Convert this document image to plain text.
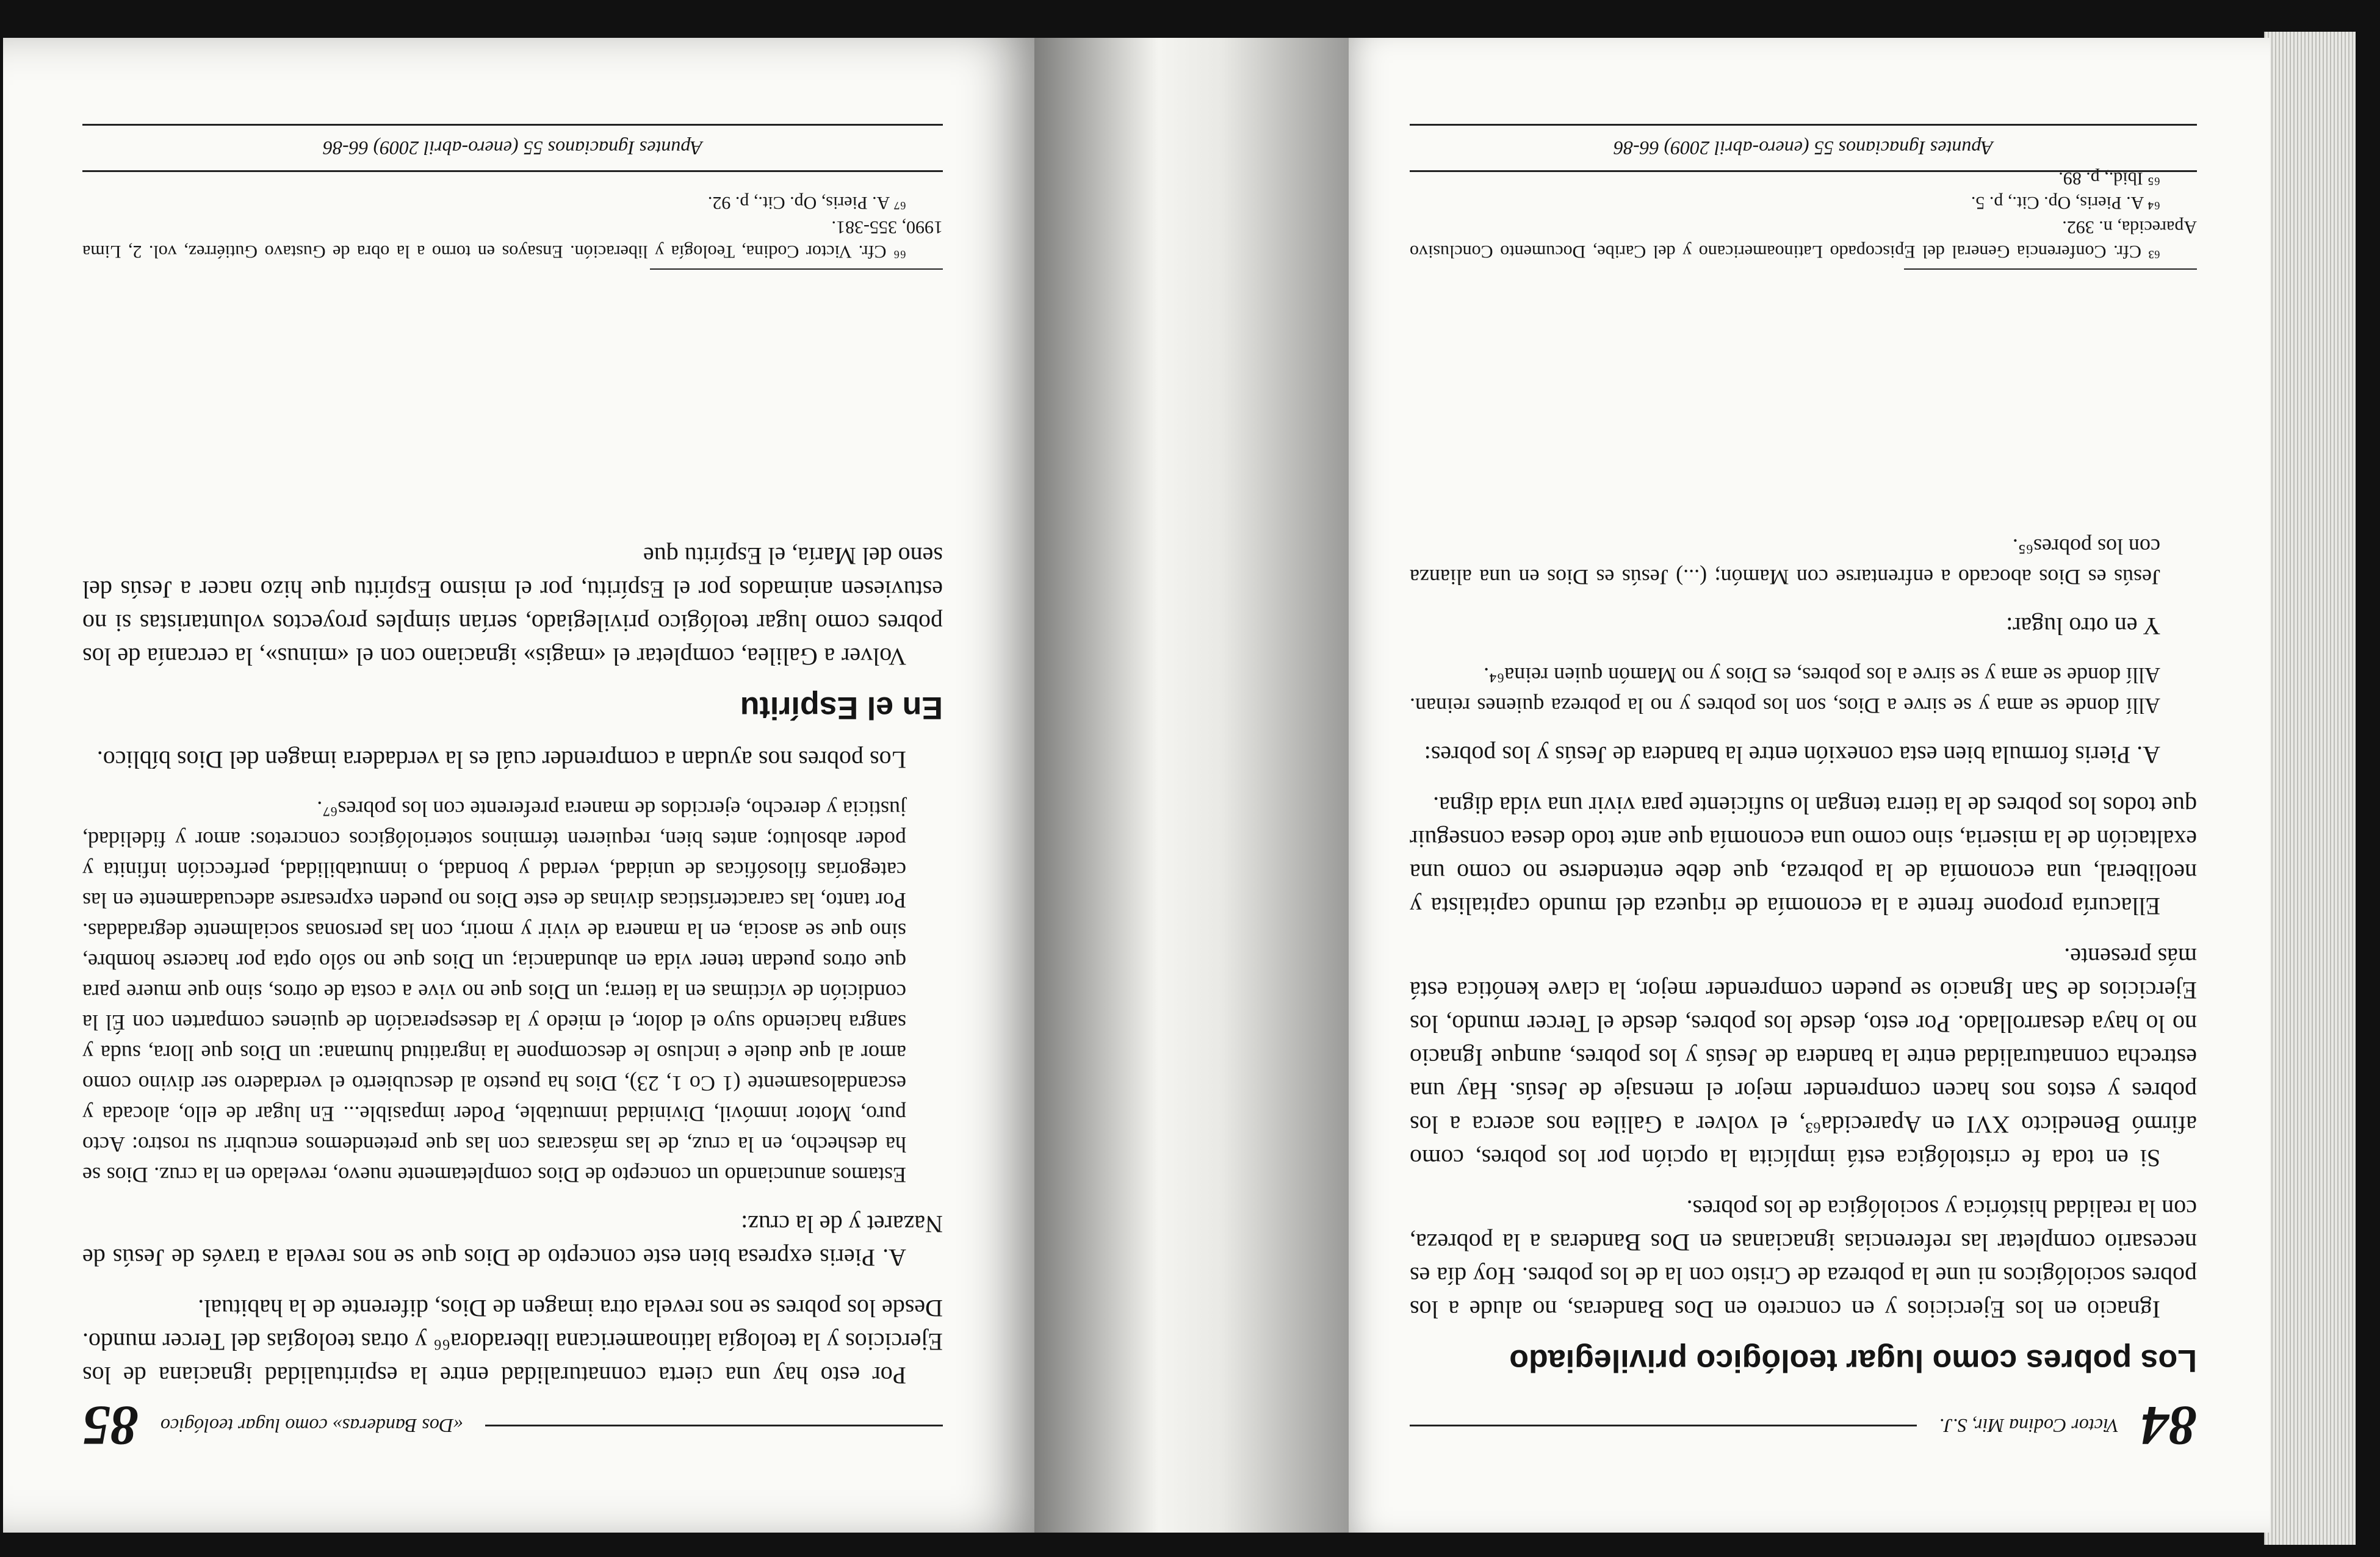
84
Victor Codina Mir, S.J.
Los pobres como lugar teológico privilegiado

Ignacio en los Ejercicios y en concreto en Dos Banderas, no alude a los pobres sociológicos ni une la pobreza de Cristo con la de los pobres. Hoy día es necesario completar las referencias ignacianas en Dos Banderas a la pobreza, con la realidad histórica y sociológica de los pobres.

Si en toda fe cristológica está implícita la opción por los pobres, como afirmó Benedicto XVI en Aparecida⁶³, el volver a Galilea nos acerca a los pobres y estos nos hacen comprender mejor el mensaje de Jesús. Hay una estrecha connaturalidad entre la bandera de Jesús y los pobres, aunque Ignacio no lo haya desarrollado. Por esto, desde los pobres, desde el Tercer mundo, los Ejercicios de San Ignacio se pueden comprender mejor, la clave kenótica está más presente.

Ellacuría propone frente a la economía de riqueza del mundo capitalista y neoliberal, una economía de la pobreza, que debe entenderse no como una exaltación de la miseria, sino como una economía que ante todo desea conseguir que todos los pobres de la tierra tengan lo suficiente para vivir una vida digna.

A. Pieris formula bien esta conexión entre la bandera de Jesús y los pobres:

Allí donde se ama y se sirve a Dios, son los pobres y no la pobreza quienes reinan. Allí donde se ama y se sirve a los pobres, es Dios y no Mamón quien reina⁶⁴.

Y en otro lugar:

Jesús es Dios abocado a enfrentarse con Mamón; (...) Jesús es Dios en una alianza con los pobres⁶⁵.

⁶³ Cfr. Conferencia General del Episcopado Latinoamericano y del Caribe, Documento Conclusivo Aparecida, n. 392.

⁶⁴ A. Pieris, Op. Cit., p. 5.

⁶⁵ Ibid., p. 89.

Apuntes Ignacianos 55 (enero-abril 2009) 66-86
«Dos Banderas» como lugar teológico
85

Por esto hay una cierta connaturalidad entre la espiritualidad ignaciana de los Ejercicios y la teología latinoamericana liberadora⁶⁶ y otras teologías del Tercer mundo. Desde los pobres se nos revela otra imagen de Dios, diferente de la habitual.

A. Pieris expresa bien este concepto de Dios que se nos revela a través de Jesús de Nazaret y de la cruz:

Estamos anunciando un concepto de Dios completamente nuevo, revelado en la cruz. Dios se ha deshecho, en la cruz, de las máscaras con las que pretendemos encubrir su rostro: Acto puro, Motor inmóvil, Divinidad inmutable, Poder impasible... En lugar de ello, alocada y escandalosamente (1 Co 1, 23), Dios ha puesto al descubierto el verdadero ser divino como amor al que duele e incluso le descompone la ingratitud humana: un Dios que llora, suda y sangra haciendo suyo el dolor, el miedo y la desesperación de quienes comparten con Él la condición de víctimas en la tierra; un Dios que no vive a costa de otros, sino que muere para que otros puedan tener vida en abundancia; un Dios que no sólo opta por hacerse hombre, sino que se asocia, en la manera de vivir y morir, con las personas socialmente degradadas. Por tanto, las características divinas de este Dios no pueden expresarse adecuadamente en las categorías filosóficas de unidad, verdad y bondad, o inmutabilidad, perfección infinita y poder absoluto; antes bien, requieren términos soteriológicos concretos: amor y fidelidad, justicia y derecho, ejercidos de manera preferente con los pobres⁶⁷.

Los pobres nos ayudan a comprender cuál es la verdadera imagen del Dios bíblico.

En el Espíritu

Volver a Galilea, completar el «magis» ignaciano con el «minus», la cercanía de los pobres como lugar teológico privilegiado, serían simples proyectos voluntaristas si no estuviesen animados por el Espíritu, por el mismo Espíritu que hizo nacer a Jesús del seno del María, el Espíritu que

⁶⁶ Cfr. Victor Codina, Teología y liberación. Ensayos en torno a la obra de Gustavo Gutiérrez, vol. 2, Lima 1990, 355-381.

⁶⁷ A. Pieris, Op. Cit., p. 92.

Apuntes Ignacianos 55 (enero-abril 2009) 66-86
